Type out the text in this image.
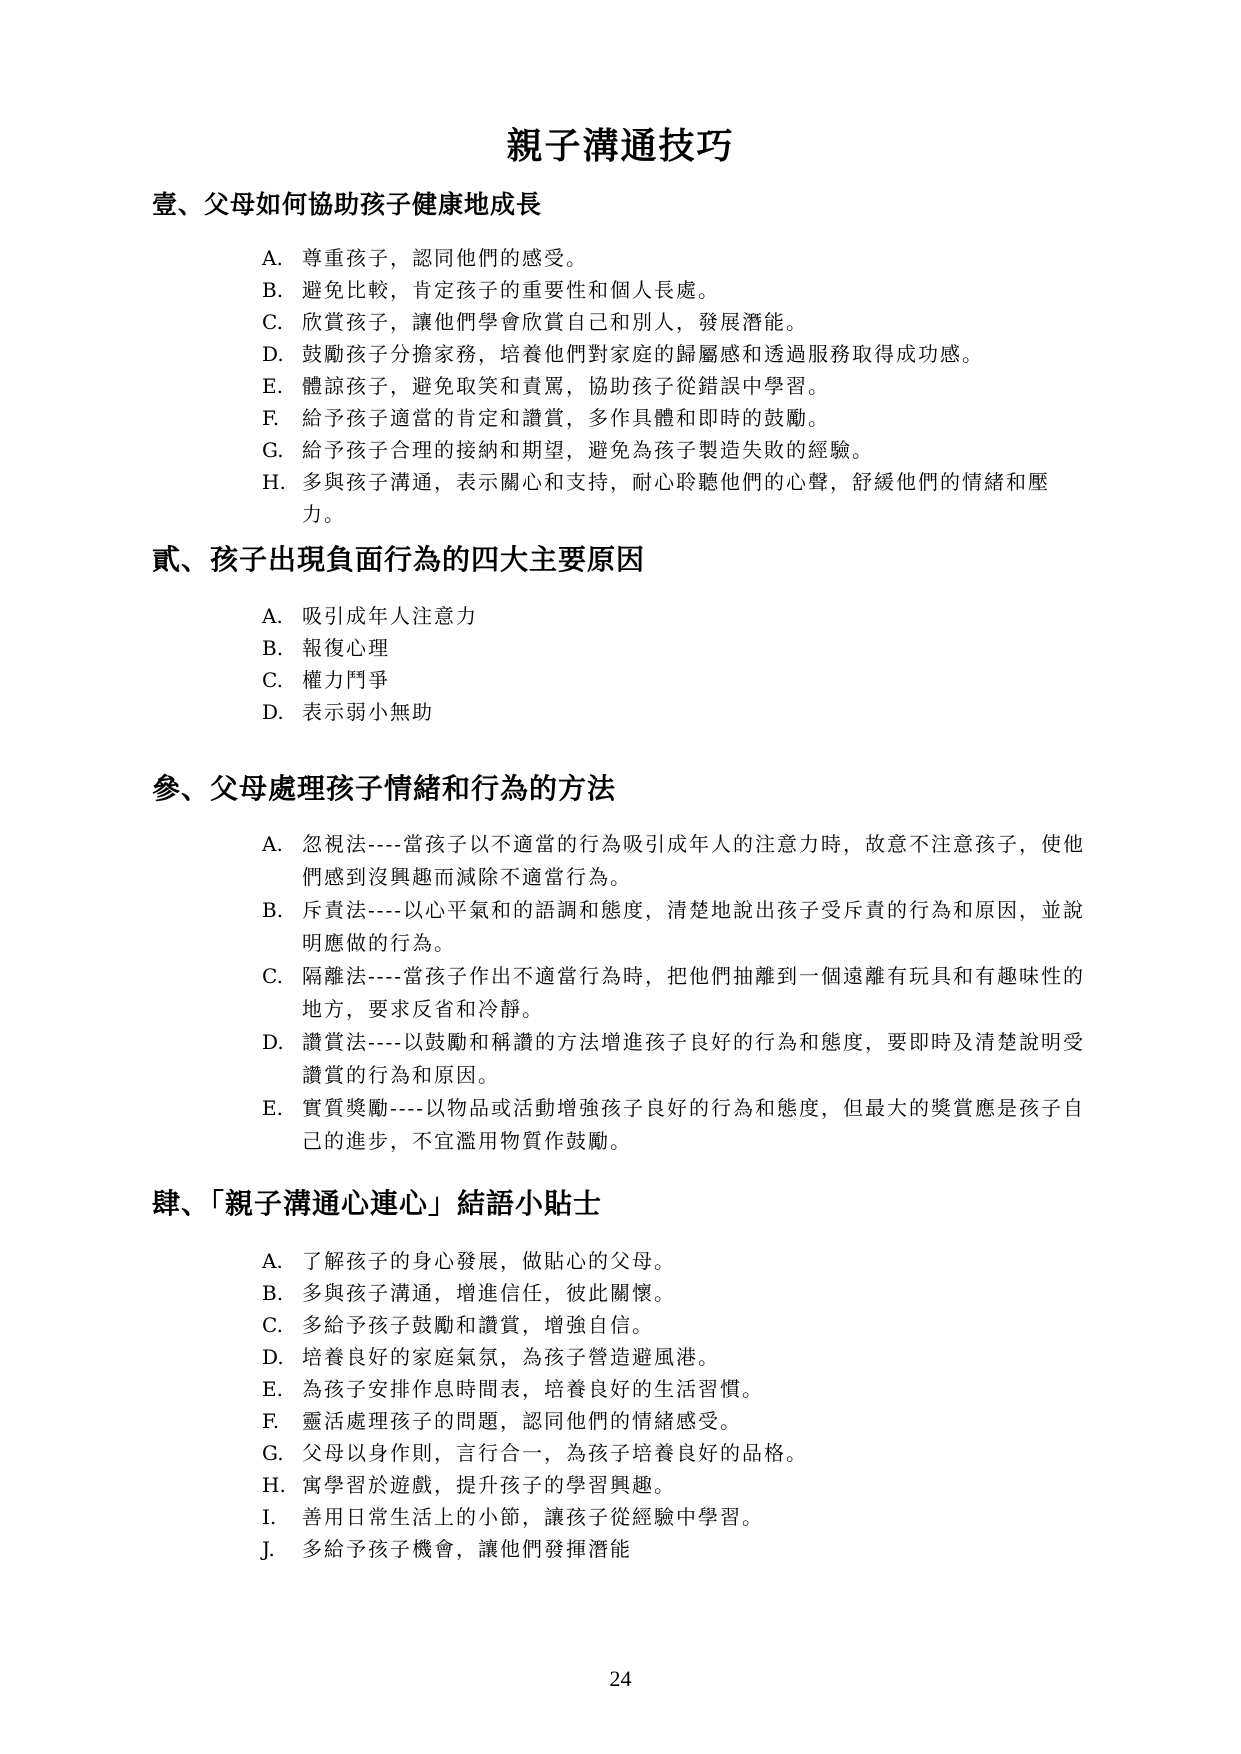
親子溝通技巧
壹、父母如何協助孩子健康地成長
A. 尊重孩子，認同他們的感受。
B. 避免比較，肯定孩子的重要性和個人長處。
C. 欣賞孩子，讓他們學會欣賞自己和別人，發展潛能。
D. 鼓勵孩子分擔家務，培養他們對家庭的歸屬感和透過服務取得成功感。
E. 體諒孩子，避免取笑和責罵，協助孩子從錯誤中學習。
F. 給予孩子適當的肯定和讚賞，多作具體和即時的鼓勵。
G. 給予孩子合理的接納和期望，避免為孩子製造失敗的經驗。
H. 多與孩子溝通，表示關心和支持，耐心聆聽他們的心聲，舒緩他們的情緒和壓力。
貳、孩子出現負面行為的四大主要原因
A. 吸引成年人注意力
B. 報復心理
C. 權力鬥爭
D. 表示弱小無助
參、父母處理孩子情緒和行為的方法
A. 忽視法----當孩子以不適當的行為吸引成年人的注意力時，故意不注意孩子，使他們感到沒興趣而減除不適當行為。
B. 斥責法----以心平氣和的語調和態度，清楚地說出孩子受斥責的行為和原因，並說明應做的行為。
C. 隔離法----當孩子作出不適當行為時，把他們抽離到一個遠離有玩具和有趣味性的地方，要求反省和冷靜。
D. 讚賞法----以鼓勵和稱讚的方法增進孩子良好的行為和態度，要即時及清楚說明受讚賞的行為和原因。
E. 實質獎勵----以物品或活動增強孩子良好的行為和態度，但最大的獎賞應是孩子自己的進步，不宜濫用物質作鼓勵。
肆、「親子溝通心連心」結語小貼士
A. 了解孩子的身心發展，做貼心的父母。
B. 多與孩子溝通，增進信任，彼此關懷。
C. 多給予孩子鼓勵和讚賞，增強自信。
D. 培養良好的家庭氣氛，為孩子營造避風港。
E. 為孩子安排作息時間表，培養良好的生活習慣。
F. 靈活處理孩子的問題，認同他們的情緒感受。
G. 父母以身作則，言行合一，為孩子培養良好的品格。
H. 寓學習於遊戲，提升孩子的學習興趣。
I. 善用日常生活上的小節，讓孩子從經驗中學習。
J. 多給予孩子機會，讓他們發揮潛能
24
